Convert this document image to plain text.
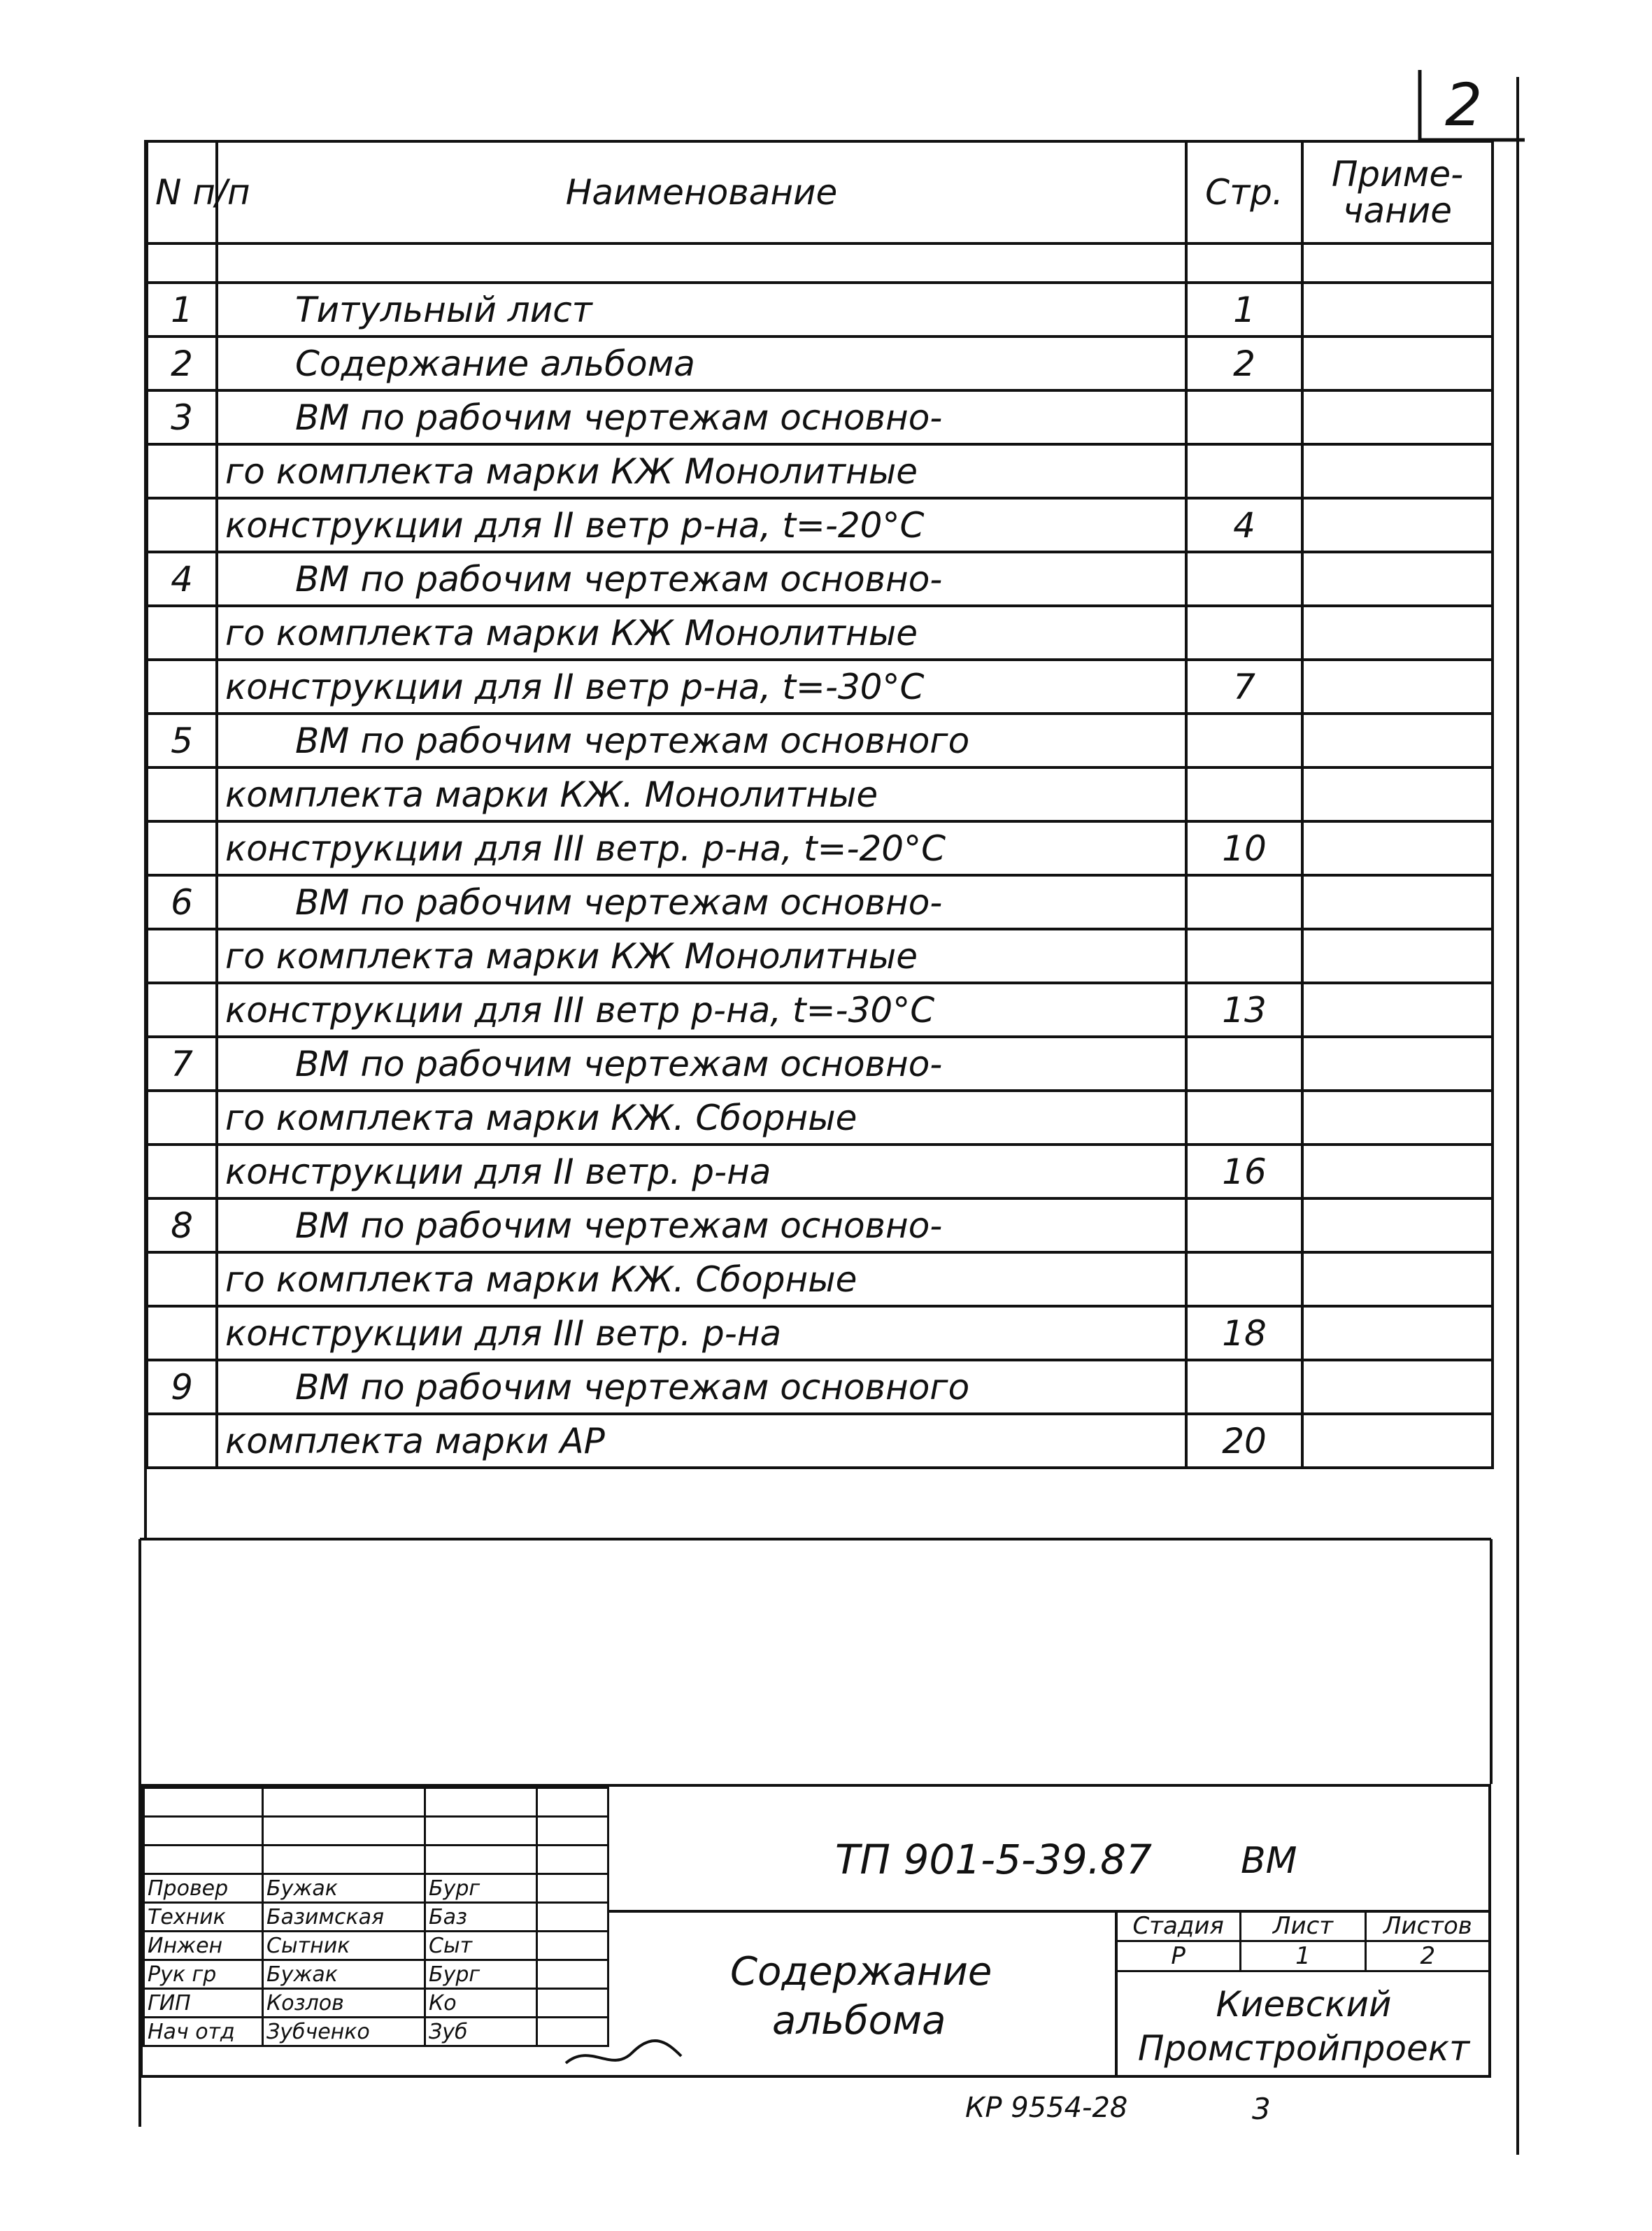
2
N п/п	Наименование	Стр.	Приме-чание

1	Титульный лист	1	
2	Содержание альбома	2	
3	ВМ по рабочим чертежам основно-		
	го комплекта марки КЖ Монолитные		
	конструкции для II ветр р-на, t=-20°С	4	
4	ВМ по рабочим чертежам основно-		
	го комплекта марки КЖ Монолитные		
	конструкции для II ветр р-на, t=-30°С	7	
5	ВМ по рабочим чертежам основного		
	комплекта марки КЖ. Монолитные		
	конструкции для III ветр. р-на, t=-20°С	10	
6	ВМ по рабочим чертежам основно-		
	го комплекта марки КЖ Монолитные		
	конструкции для III ветр р-на, t=-30°С	13	
7	ВМ по рабочим чертежам основно-		
	го комплекта марки КЖ. Сборные		
	конструкции для II ветр. р-на	16	
8	ВМ по рабочим чертежам основно-		
	го комплекта марки КЖ. Сборные		
	конструкции для III ветр. р-на	18	
9	ВМ по рабочим чертежам основного		
	комплекта марки АР	20	

Провер	Бужак	Бург	
Техник	Базимская	Баз	
Инжен	Сытник	Сыт	
Рук гр	Бужак	Бург	
ГИП	Козлов	Ко	
Нач отд	Зубченко	Зуб	
ТП 901-5-39.87 ВМ
Содержание
альбома
Стадия	Лист	Листов
Р	1	2
Киевский
Промстройпроект
КР 9554-28	3
